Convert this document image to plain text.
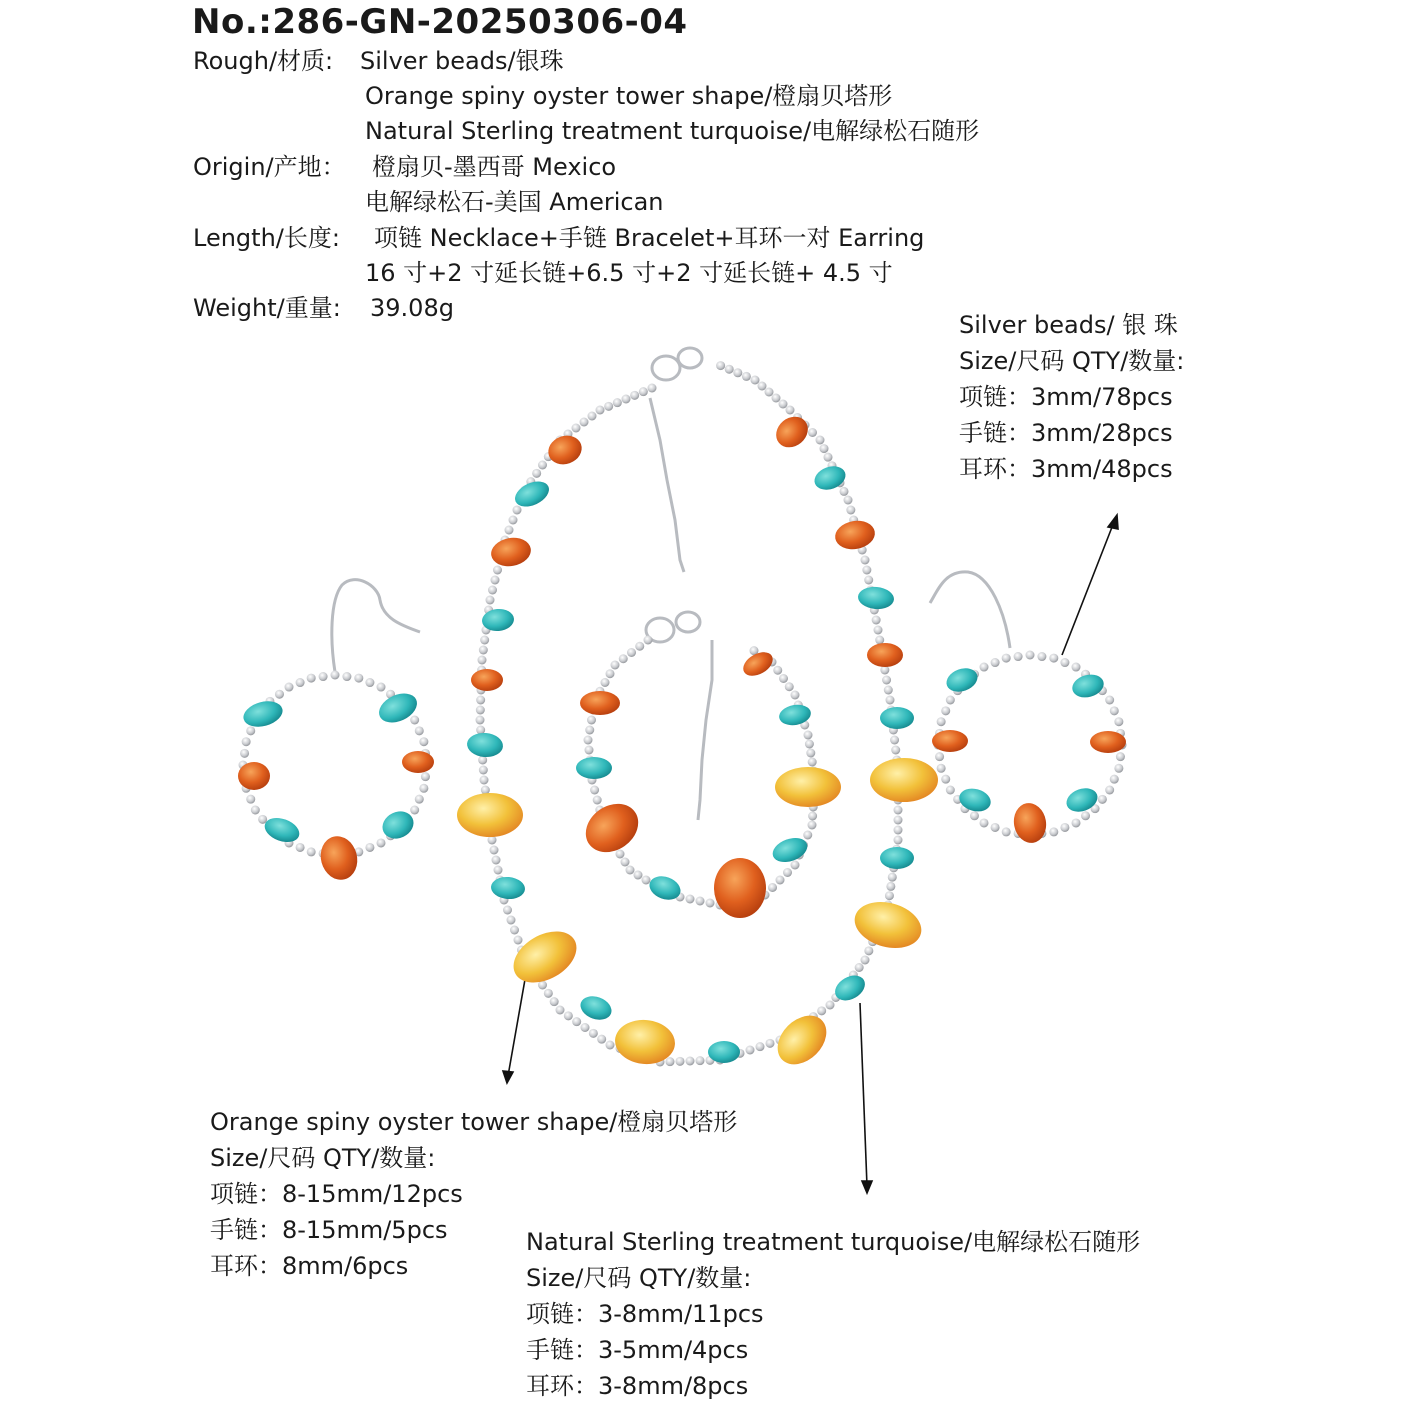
No.:286-GN-20250306-04
Rough/材质: Silver beads/银珠
Orange spiny oyster tower shape/橙扇贝塔形
Natural Sterling treatment turquoise/电解绿松石随形
Origin/产地： 橙扇贝-墨西哥 Mexico
电解绿松石-美国 American
Length/长度: 项链 Necklace+手链 Bracelet+耳环一对 Earring
16 寸+2 寸延长链+6.5 寸+2 寸延长链+ 4.5 寸
Weight/重量: 39.08g
Silver beads/ 银 珠
Size/尺码 QTY/数量:
项链：3mm/78pcs
手链：3mm/28pcs
耳环：3mm/48pcs
Orange spiny oyster tower shape/橙扇贝塔形
Size/尺码 QTY/数量:
项链：8-15mm/12pcs
手链：8-15mm/5pcs
耳环：8mm/6pcs
Natural Sterling treatment turquoise/电解绿松石随形
Size/尺码 QTY/数量:
项链：3-8mm/11pcs
手链：3-5mm/4pcs
耳环：3-8mm/8pcs
